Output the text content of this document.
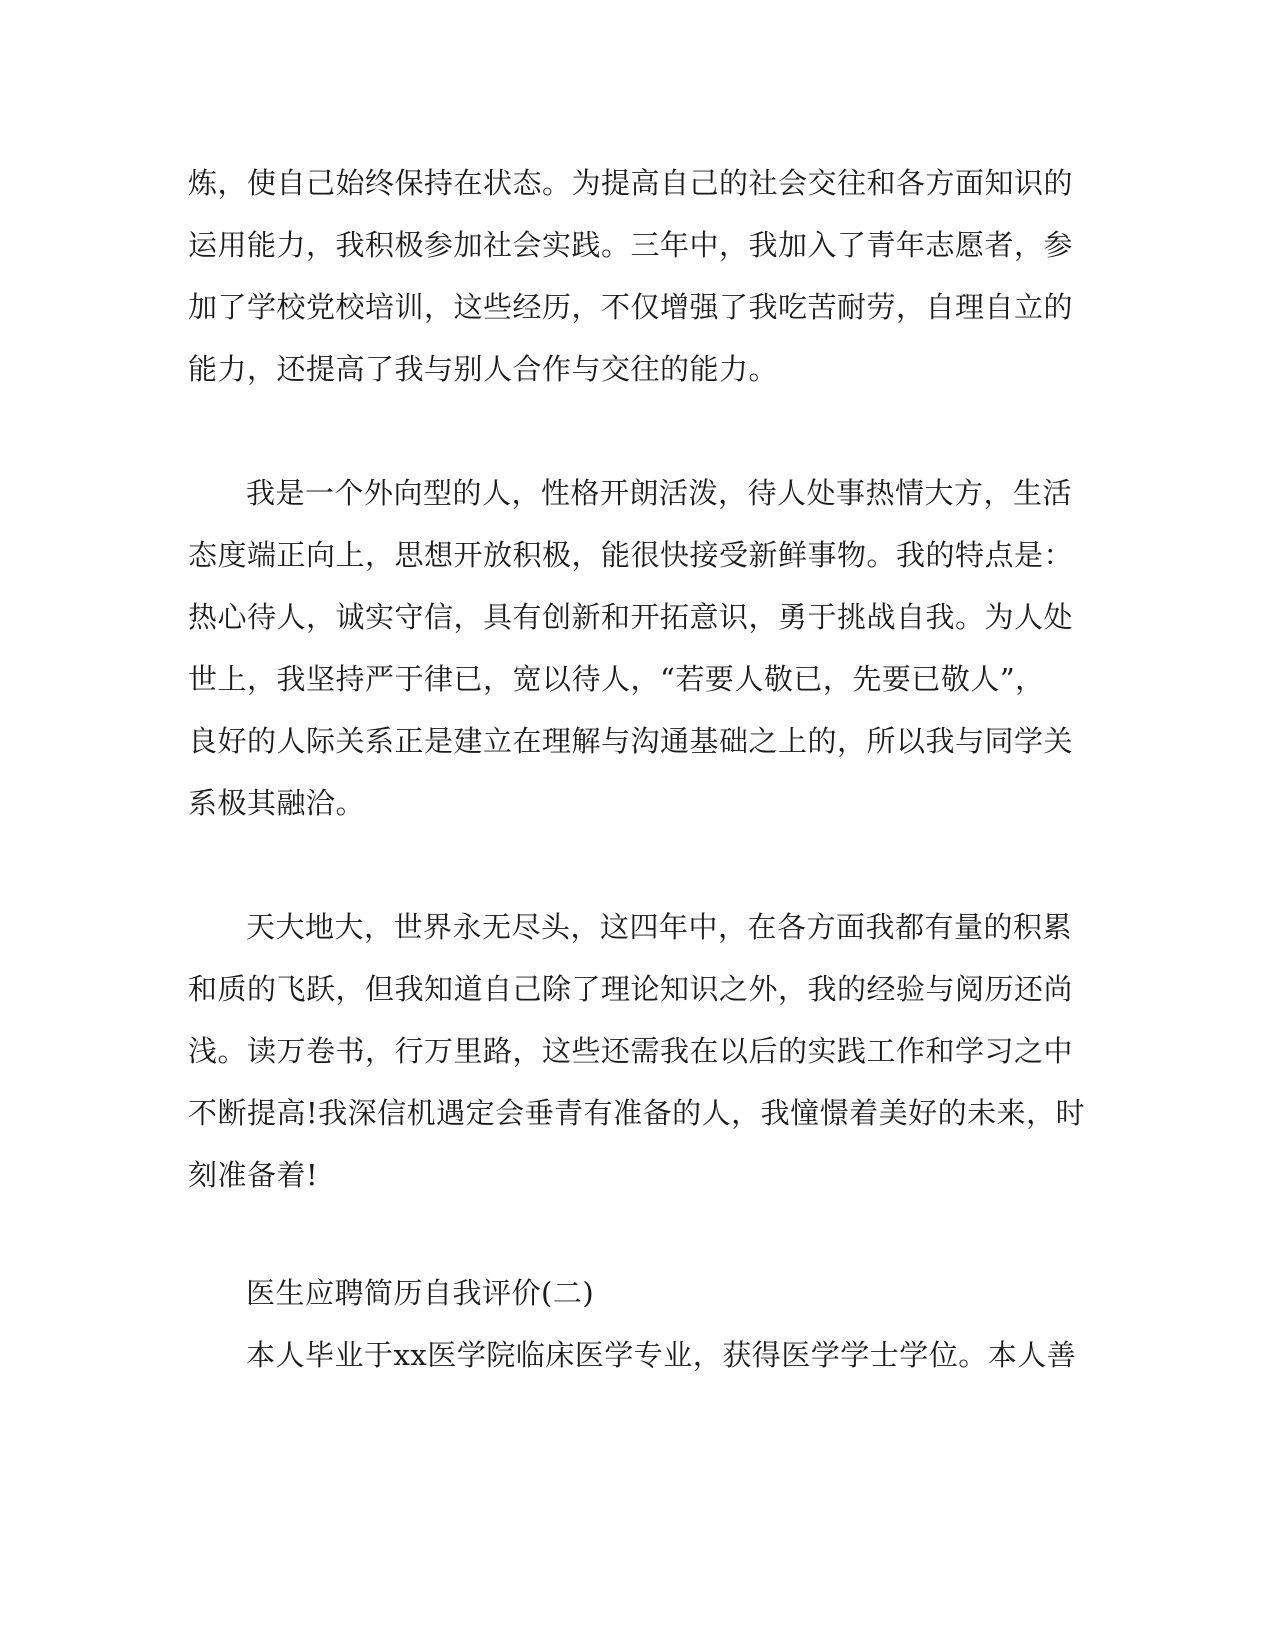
炼，使自己始终保持在状态。为提高自己的社会交往和各方面知识的
运用能力，我积极参加社会实践。三年中，我加入了青年志愿者，参
加了学校党校培训，这些经历，不仅增强了我吃苦耐劳，自理自立的
能力，还提高了我与别人合作与交往的能力。
我是一个外向型的人，性格开朗活泼，待人处事热情大方，生活
态度端正向上，思想开放积极，能很快接受新鲜事物。我的特点是：
热心待人，诚实守信，具有创新和开拓意识，勇于挑战自我。为人处
世上，我坚持严于律已，宽以待人，“若要人敬已，先要已敬人”，
良好的人际关系正是建立在理解与沟通基础之上的，所以我与同学关
系极其融洽。
天大地大，世界永无尽头，这四年中，在各方面我都有量的积累
和质的飞跃，但我知道自己除了理论知识之外，我的经验与阅历还尚
浅。读万卷书，行万里路，这些还需我在以后的实践工作和学习之中
不断提高!我深信机遇定会垂青有准备的人，我憧憬着美好的未来，时
刻准备着!
医生应聘简历自我评价(二)
本人毕业于xx医学院临床医学专业，获得医学学士学位。本人善
